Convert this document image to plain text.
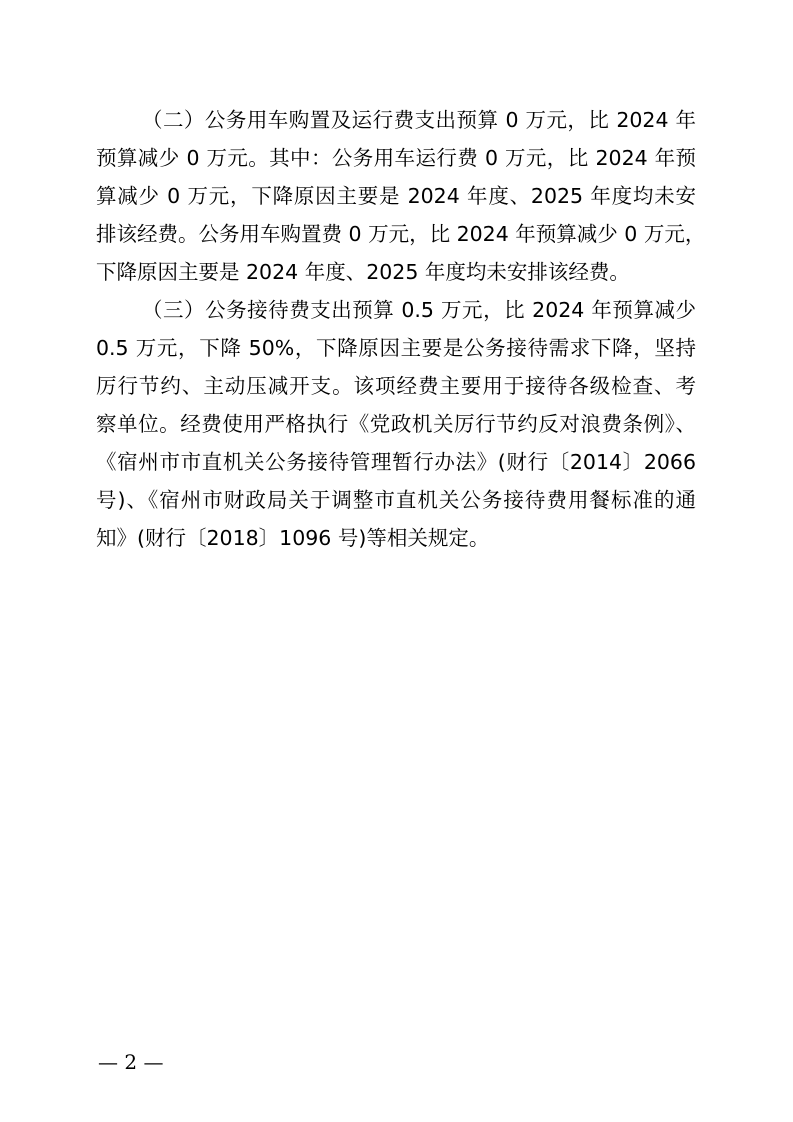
（二）公务用车购置及运行费支出预算 0 万元，比 2024 年
预算减少 0 万元。其中：公务用车运行费 0 万元，比 2024 年预
算减少 0 万元，下降原因主要是 2024 年度、2025 年度均未安
排该经费。公务用车购置费 0 万元，比 2024 年预算减少 0 万元，
下降原因主要是 2024 年度、2025 年度均未安排该经费。
（三）公务接待费支出预算 0.5 万元，比 2024 年预算减少
0.5 万元，下降 50%，下降原因主要是公务接待需求下降，坚持
厉行节约、主动压减开支。该项经费主要用于接待各级检查、考
察单位。经费使用严格执行《党政机关厉行节约反对浪费条例》、
《宿州市市直机关公务接待管理暂行办法》(财行〔2014〕2066
号)、《宿州市财政局关于调整市直机关公务接待费用餐标准的通
知》(财行〔2018〕1096 号)等相关规定。
— 2 —
